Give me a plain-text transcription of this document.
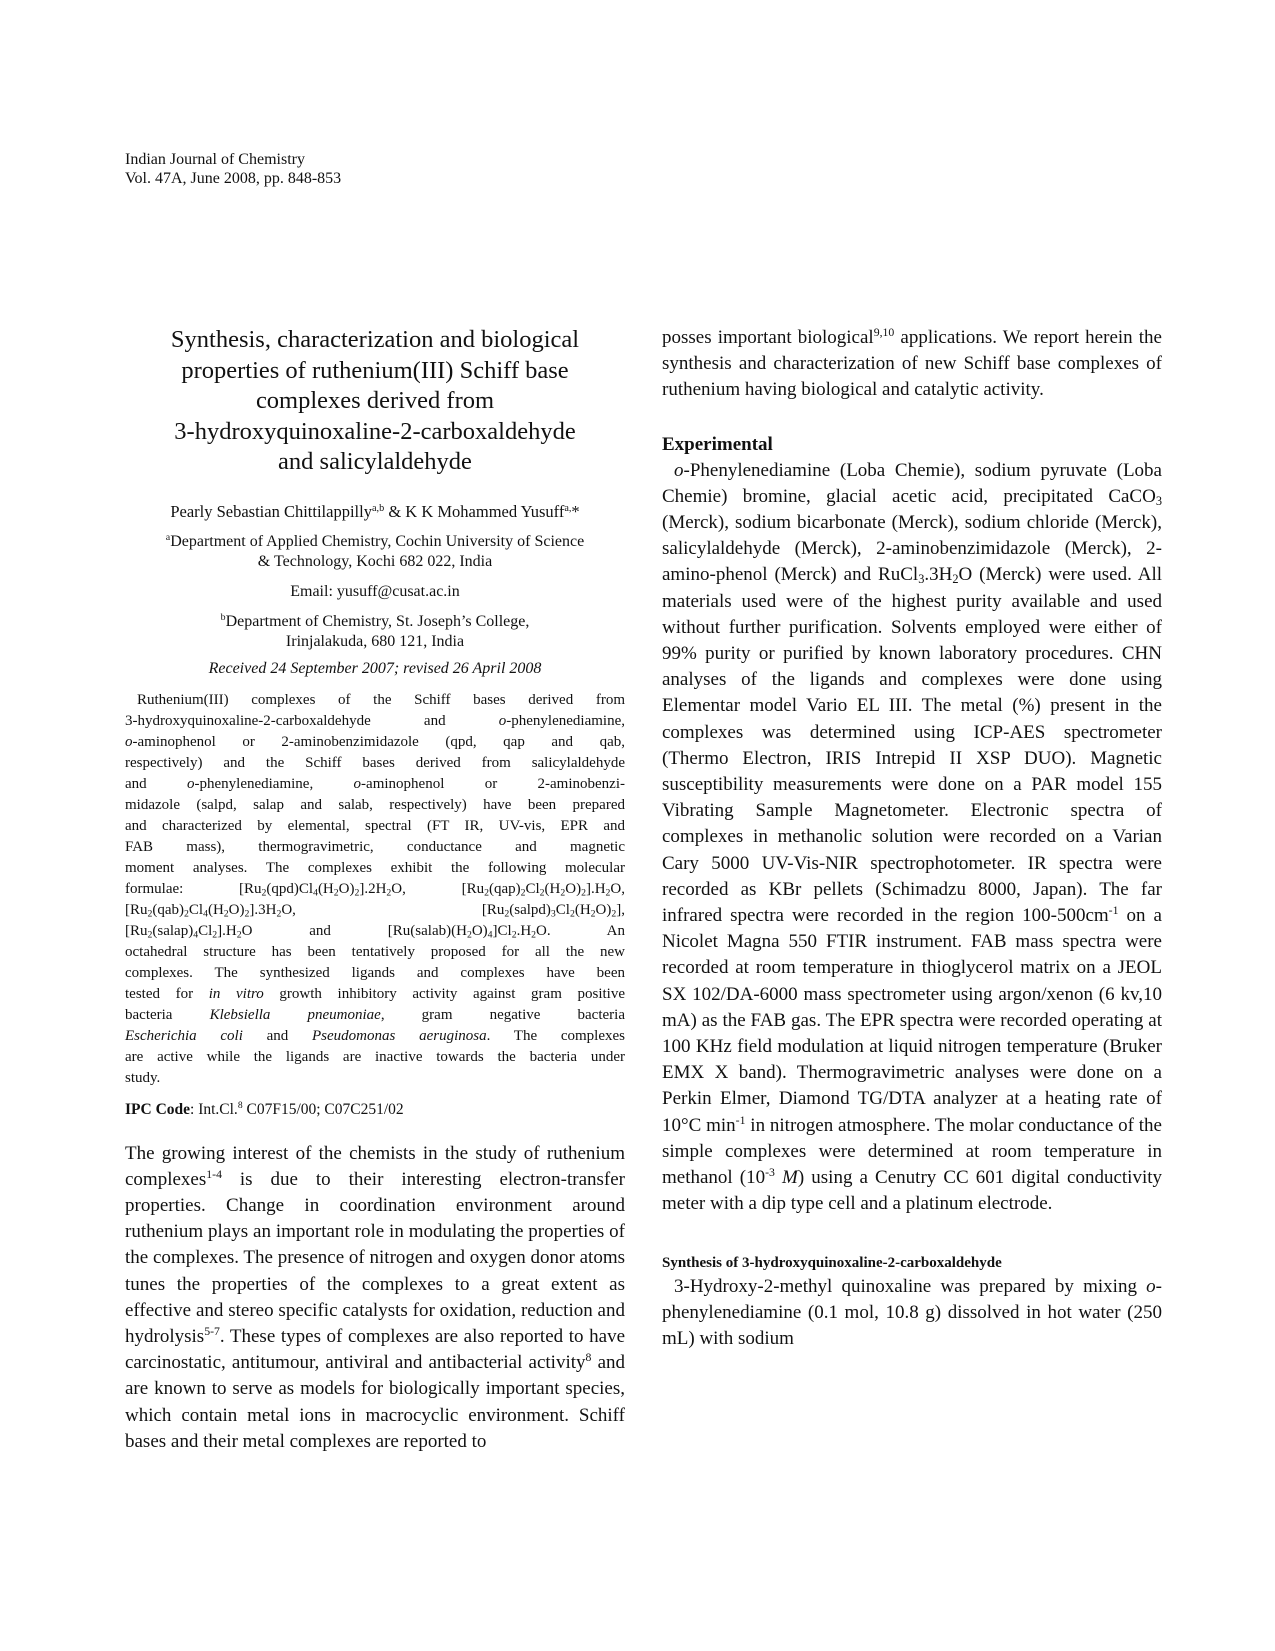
Indian Journal of Chemistry
Vol. 47A, June 2008, pp. 848-853
Synthesis, characterization and biological
properties of ruthenium(III) Schiff base
complexes derived from
3-hydroxyquinoxaline-2-carboxaldehyde
and salicylaldehyde
Pearly Sebastian Chittilappilly$^{a,b}$ & K K Mohammed Yusuff$^{a,}$*
$^a$Department of Applied Chemistry, Cochin University of Science
& Technology, Kochi 682 022, India
Email: yusuff@cusat.ac.in
$^b$Department of Chemistry, St. Joseph’s College,
Irinjalakuda, 680 121, India
Received 24 September 2007; revised 26 April 2008
Ruthenium(III) complexes of the Schiff bases derived from
3-hydroxyquinoxaline-2-carboxaldehyde and o-phenylenediamine,
o-aminophenol or 2-aminobenzimidazole (qpd, qap and qab,
respectively) and the Schiff bases derived from salicylaldehyde
and o-phenylenediamine, o-aminophenol or 2-aminobenzi-
midazole (salpd, salap and salab, respectively) have been prepared
and characterized by elemental, spectral (FT IR, UV-vis, EPR and
FAB mass), thermogravimetric, conductance and magnetic
moment analyses. The complexes exhibit the following molecular
formulae: $[Ru_2(qpd)Cl_4(H_2O)_2].2H_2O$, $[Ru_2(qap)_2Cl_2(H_2O)_2].H_2O$,
$[Ru_2(qab)_2Cl_4(H_2O)_2].3H_2O$, $[Ru_2(salpd)_3Cl_2(H_2O)_2]$,
$[Ru_2(salap)_4Cl_2].H_2O$ and $[Ru(salab)(H_2O)_4]Cl_2.H_2O$. An
octahedral structure has been tentatively proposed for all the new
complexes. The synthesized ligands and complexes have been
tested for in vitro growth inhibitory activity against gram positive
bacteria Klebsiella pneumoniae, gram negative bacteria
Escherichia coli and Pseudomonas aeruginosa. The complexes
are active while the ligands are inactive towards the bacteria under
study.
IPC Code: Int.Cl.$^8$ C07F15/00; C07C251/02

The growing interest of the chemists in the study of ruthenium complexes$^{1-4}$ is due to their interesting electron-transfer properties. Change in coordination environment around ruthenium plays an important role in modulating the properties of the complexes. The presence of nitrogen and oxygen donor atoms tunes the properties of the complexes to a great extent as effective and stereo specific catalysts for oxidation, reduction and hydrolysis$^{5-7}$. These types of complexes are also reported to have carcinostatic, antitumour, antiviral and antibacterial activity$^8$ and are known to serve as models for biologically important species, which contain metal ions in macrocyclic environment. Schiff bases and their metal complexes are reported to

posses important biological$^{9,10}$ applications. We report herein the synthesis and characterization of new Schiff base complexes of ruthenium having biological and catalytic activity.

Experimental

o-Phenylenediamine (Loba Chemie), sodium pyruvate (Loba Chemie) bromine, glacial acetic acid, precipitated CaCO$_3$ (Merck), sodium bicarbonate (Merck), sodium chloride (Merck), salicylaldehyde (Merck), 2-aminobenzimidazole (Merck), 2-amino-phenol (Merck) and $RuCl_3.3H_2O$ (Merck) were used. All materials used were of the highest purity available and used without further purification. Solvents employed were either of 99% purity or purified by known laboratory procedures. CHN analyses of the ligands and complexes were done using Elementar model Vario EL III. The metal (%) present in the complexes was determined using ICP-AES spectrometer (Thermo Electron, IRIS Intrepid II XSP DUO). Magnetic susceptibility measurements were done on a PAR model 155 Vibrating Sample Magnetometer. Electronic spectra of complexes in methanolic solution were recorded on a Varian Cary 5000 UV-Vis-NIR spectrophotometer. IR spectra were recorded as KBr pellets (Schimadzu 8000, Japan). The far infrared spectra were recorded in the region $100-500cm^{-1}$ on a Nicolet Magna 550 FTIR instrument. FAB mass spectra were recorded at room temperature in thioglycerol matrix on a JEOL SX 102/DA-6000 mass spectrometer using argon/xenon (6 kv,10 mA) as the FAB gas. The EPR spectra were recorded operating at 100 KHz field modulation at liquid nitrogen temperature (Bruker EMX X band). Thermogravimetric analyses were done on a Perkin Elmer, Diamond TG/DTA analyzer at a heating rate of 10°C $\min^{-1}$ in nitrogen atmosphere. The molar conductance of the simple complexes were determined at room temperature in methanol ($10^{-3}$ M) using a Cenutry CC 601 digital conductivity meter with a dip type cell and a platinum electrode.

Synthesis of 3-hydroxyquinoxaline-2-carboxaldehyde

3-Hydroxy-2-methyl quinoxaline was prepared by mixing o-phenylenediamine (0.1 mol, 10.8 g) dissolved in hot water (250 mL) with sodium
